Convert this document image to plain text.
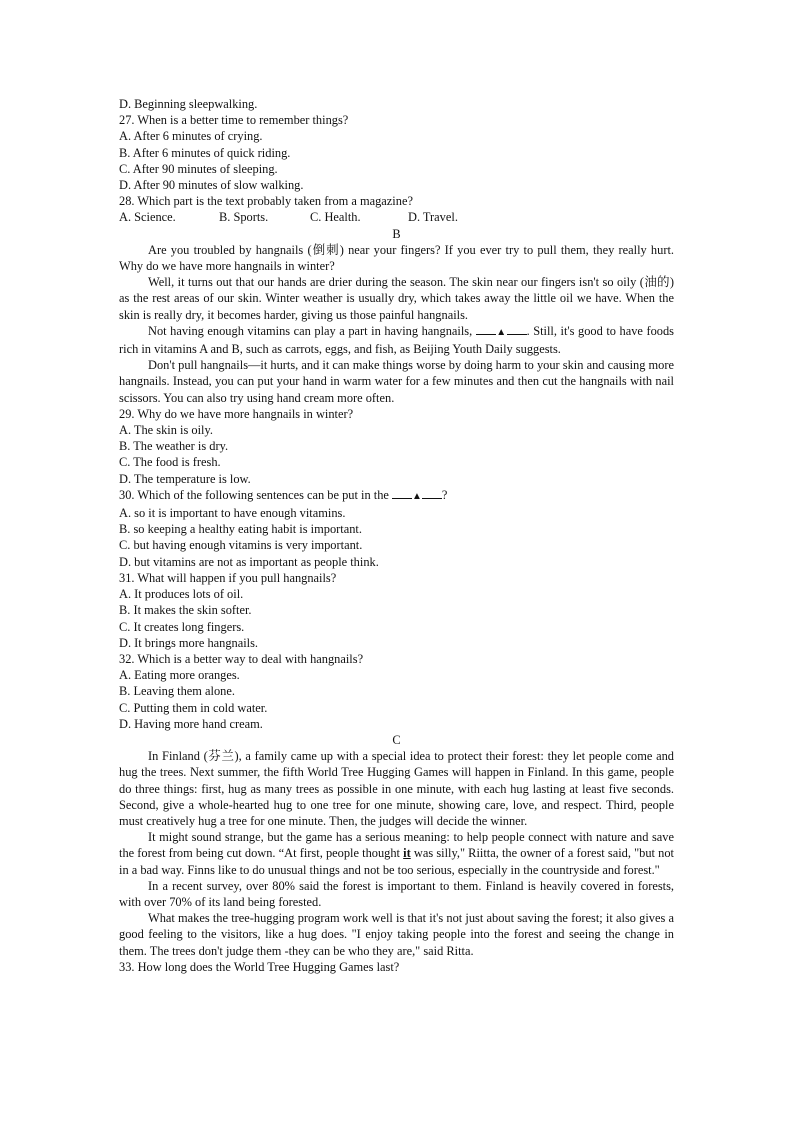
D. Beginning sleepwalking.
27. When is a better time to remember things?
A. After 6 minutes of crying.
B. After 6 minutes of quick riding.
C. After 90 minutes of sleeping.
D. After 90 minutes of slow walking.
28. Which part is the text probably taken from a magazine?
A. Science.	B. Sports.	C. Health.	D. Travel.
B
Are you troubled by hangnails (倒刺) near your fingers? If you ever try to pull them, they really hurt. Why do we have more hangnails in winter?
Well, it turns out that our hands are drier during the season. The skin near our fingers isn't so oily (油的) as the rest areas of our skin. Winter weather is usually dry, which takes away the little oil we have. When the skin is really dry, it becomes harder, giving us those painful hangnails.
Not having enough vitamins can play a part in having hangnails, ▲ . Still, it's good to have foods rich in vitamins A and B, such as carrots, eggs, and fish, as Beijing Youth Daily suggests.
Don't pull hangnails—it hurts, and it can make things worse by doing harm to your skin and causing more hangnails. Instead, you can put your hand in warm water for a few minutes and then cut the hangnails with nail scissors. You can also try using hand cream more often.
29. Why do we have more hangnails in winter?
A. The skin is oily.
B. The weather is dry.
C. The food is fresh.
D. The temperature is low.
30. Which of the following sentences can be put in the ▲ ?
A. so it is important to have enough vitamins.
B. so keeping a healthy eating habit is important.
C. but having enough vitamins is very important.
D. but vitamins are not as important as people think.
31. What will happen if you pull hangnails?
A. It produces lots of oil.
B. It makes the skin softer.
C. It creates long fingers.
D. It brings more hangnails.
32. Which is a better way to deal with hangnails?
A. Eating more oranges.
B. Leaving them alone.
C. Putting them in cold water.
D. Having more hand cream.
C
In Finland (芬兰), a family came up with a special idea to protect their forest: they let people come and hug the trees. Next summer, the fifth World Tree Hugging Games will happen in Finland. In this game, people do three things: first, hug as many trees as possible in one minute, with each hug lasting at least five seconds. Second, give a whole-hearted hug to one tree for one minute, showing care, love, and respect. Third, people must creatively hug a tree for one minute. Then, the judges will decide the winner.
It might sound strange, but the game has a serious meaning: to help people connect with nature and save the forest from being cut down. “At first, people thought it was silly," Riitta, the owner of a forest said, "but not in a bad way. Finns like to do unusual things and not be too serious, especially in the countryside and forest."
In a recent survey, over 80% said the forest is important to them. Finland is heavily covered in forests, with over 70% of its land being forested.
What makes the tree-hugging program work well is that it's not just about saving the forest; it also gives a good feeling to the visitors, like a hug does. "I enjoy taking people into the forest and seeing the change in them. The trees don't judge them -they can be who they are," said Ritta.
33. How long does the World Tree Hugging Games last?
